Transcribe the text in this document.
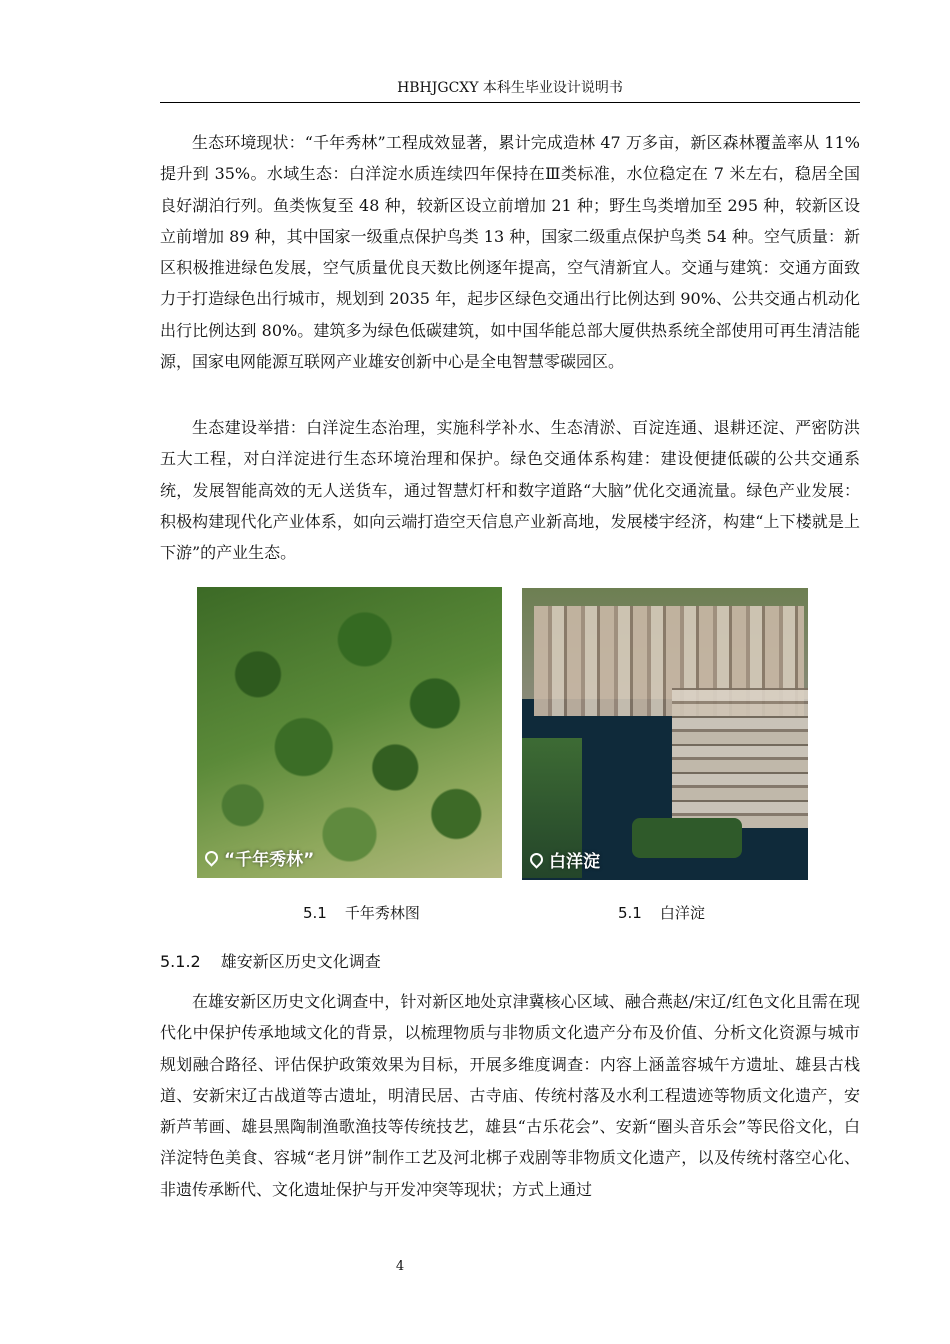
HBHJGCXY 本科生毕业设计说明书

生态环境现状：“千年秀林”工程成效显著，累计完成造林 47 万多亩，新区森林覆盖率从 11%提升到 35%。水域生态：白洋淀水质连续四年保持在Ⅲ类标准，水位稳定在 7 米左右，稳居全国良好湖泊行列。鱼类恢复至 48 种，较新区设立前增加 21 种；野生鸟类增加至 295 种，较新区设立前增加 89 种，其中国家一级重点保护鸟类 13 种，国家二级重点保护鸟类 54 种。空气质量：新区积极推进绿色发展，空气质量优良天数比例逐年提高，空气清新宜人。交通与建筑：交通方面致力于打造绿色出行城市，规划到 2035 年，起步区绿色交通出行比例达到 90%、公共交通占机动化出行比例达到 80%。建筑多为绿色低碳建筑，如中国华能总部大厦供热系统全部使用可再生清洁能源，国家电网能源互联网产业雄安创新中心是全电智慧零碳园区。

生态建设举措：白洋淀生态治理，实施科学补水、生态清淤、百淀连通、退耕还淀、严密防洪五大工程，对白洋淀进行生态环境治理和保护。绿色交通体系构建：建设便捷低碳的公共交通系统，发展智能高效的无人送货车，通过智慧灯杆和数字道路“大脑”优化交通流量。绿色产业发展：积极构建现代化产业体系，如向云端打造空天信息产业新高地，发展楼宇经济，构建“上下楼就是上下游”的产业生态。

“千年秀林”	白洋淀
5.1 千年秀林图	5.1 白洋淀
5.1.2 雄安新区历史文化调查

在雄安新区历史文化调查中，针对新区地处京津冀核心区域、融合燕赵/宋辽/红色文化且需在现代化中保护传承地域文化的背景，以梳理物质与非物质文化遗产分布及价值、分析文化资源与城市规划融合路径、评估保护政策效果为目标，开展多维度调查：内容上涵盖容城午方遗址、雄县古栈道、安新宋辽古战道等古遗址，明清民居、古寺庙、传统村落及水利工程遗迹等物质文化遗产，安新芦苇画、雄县黑陶制渔歌渔技等传统技艺，雄县“古乐花会”、安新“圈头音乐会”等民俗文化，白洋淀特色美食、容城“老月饼”制作工艺及河北梆子戏剧等非物质文化遗产，以及传统村落空心化、非遗传承断代、文化遗址保护与开发冲突等现状；方式上通过

4
